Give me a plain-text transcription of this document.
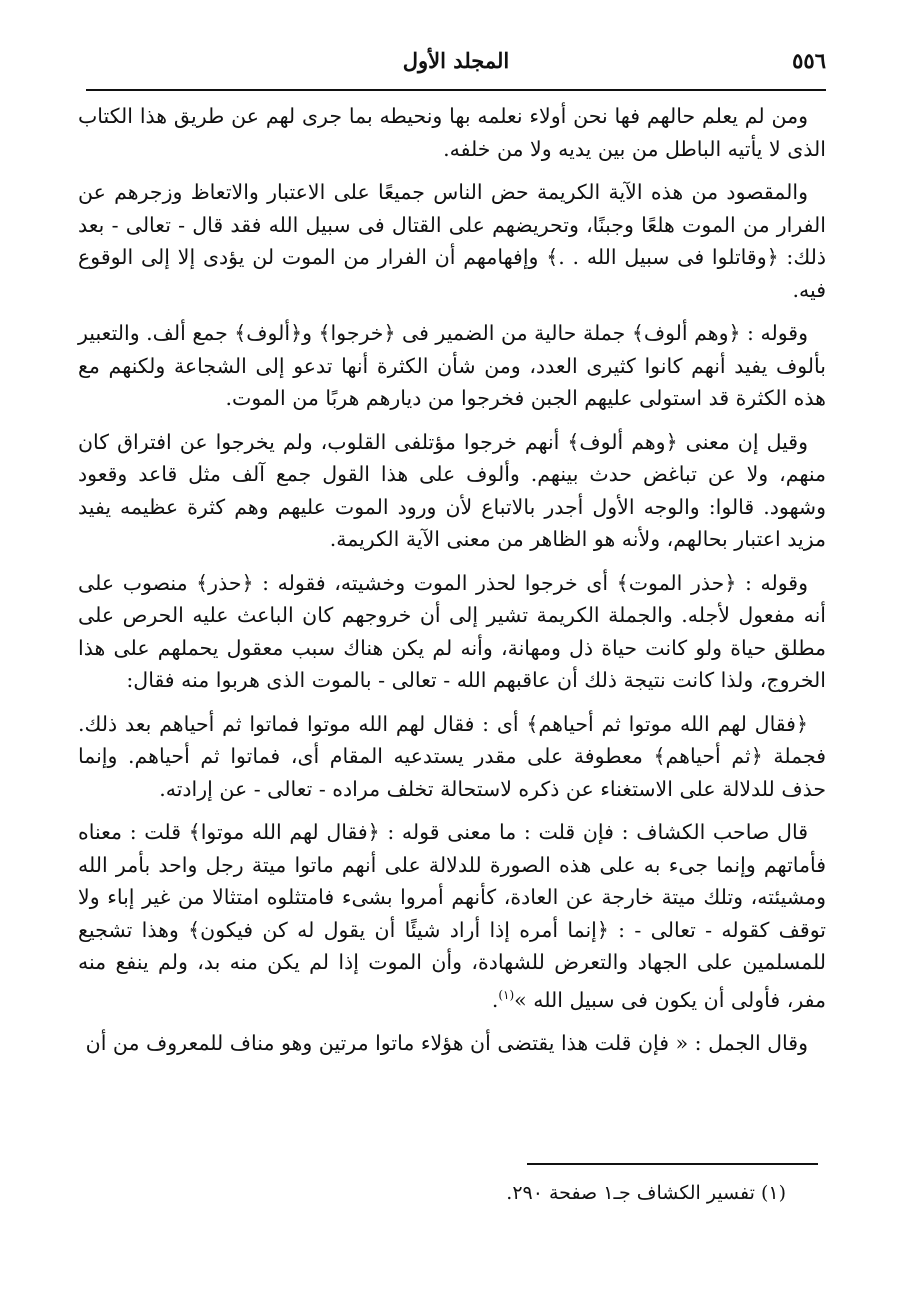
٥٥٦
المجلد الأول

ومن لم يعلم حالهم فها نحن أولاء نعلمه بها ونحيطه بما جرى لهم عن طريق هذا الكتاب الذى لا يأتيه الباطل من بين يديه ولا من خلفه.

والمقصود من هذه الآية الكريمة حض الناس جميعًا على الاعتبار والاتعاظ وزجرهم عن الفرار من الموت هلعًا وجبنًا، وتحريضهم على القتال فى سبيل الله فقد قال - تعالى - بعد ذلك: ﴿وقاتلوا فى سبيل الله . .﴾ وإفهامهم أن الفرار من الموت لن يؤدى إلا إلى الوقوع فيه.

وقوله : ﴿وهم ألوف﴾ جملة حالية من الضمير فى ﴿خرجوا﴾ و﴿ألوف﴾ جمع ألف. والتعبير بألوف يفيد أنهم كانوا كثيرى العدد، ومن شأن الكثرة أنها تدعو إلى الشجاعة ولكنهم مع هذه الكثرة قد استولى عليهم الجبن فخرجوا من ديارهم هربًا من الموت.

وقيل إن معنى ﴿وهم ألوف﴾ أنهم خرجوا مؤتلفى القلوب، ولم يخرجوا عن افتراق كان منهم، ولا عن تباغض حدث بينهم. وألوف على هذا القول جمع آلف مثل قاعد وقعود وشهود. قالوا: والوجه الأول أجدر بالاتباع لأن ورود الموت عليهم وهم كثرة عظيمه يفيد مزيد اعتبار بحالهم، ولأنه هو الظاهر من معنى الآية الكريمة.

وقوله : ﴿حذر الموت﴾ أى خرجوا لحذر الموت وخشيته، فقوله : ﴿حذر﴾ منصوب على أنه مفعول لأجله. والجملة الكريمة تشير إلى أن خروجهم كان الباعث عليه الحرص على مطلق حياة ولو كانت حياة ذل ومهانة، وأنه لم يكن هناك سبب معقول يحملهم على هذا الخروج، ولذا كانت نتيجة ذلك أن عاقبهم الله - تعالى - بالموت الذى هربوا منه فقال:

﴿فقال لهم الله موتوا ثم أحياهم﴾ أى : فقال لهم الله موتوا فماتوا ثم أحياهم بعد ذلك. فجملة ﴿ثم أحياهم﴾ معطوفة على مقدر يستدعيه المقام أى، فماتوا ثم أحياهم. وإنما حذف للدلالة على الاستغناء عن ذكره لاستحالة تخلف مراده - تعالى - عن إرادته.

قال صاحب الكشاف : فإن قلت : ما معنى قوله : ﴿فقال لهم الله موتوا﴾ قلت : معناه فأماتهم وإنما جىء به على هذه الصورة للدلالة على أنهم ماتوا ميتة رجل واحد بأمر الله ومشيئته، وتلك ميتة خارجة عن العادة، كأنهم أمروا بشىء فامتثلوه امتثالا من غير إباء ولا توقف كقوله - تعالى - : ﴿إنما أمره إذا أراد شيئًا أن يقول له كن فيكون﴾ وهذا تشجيع للمسلمين على الجهاد والتعرض للشهادة، وأن الموت إذا لم يكن منه بد، ولم ينفع منه مفر، فأولى أن يكون فى سبيل الله »$^{(١)}$.

وقال الجمل : « فإن قلت هذا يقتضى أن هؤلاء ماتوا مرتين وهو مناف للمعروف من أن

(١) تفسير الكشاف جـ١ صفحة ٢٩٠.
